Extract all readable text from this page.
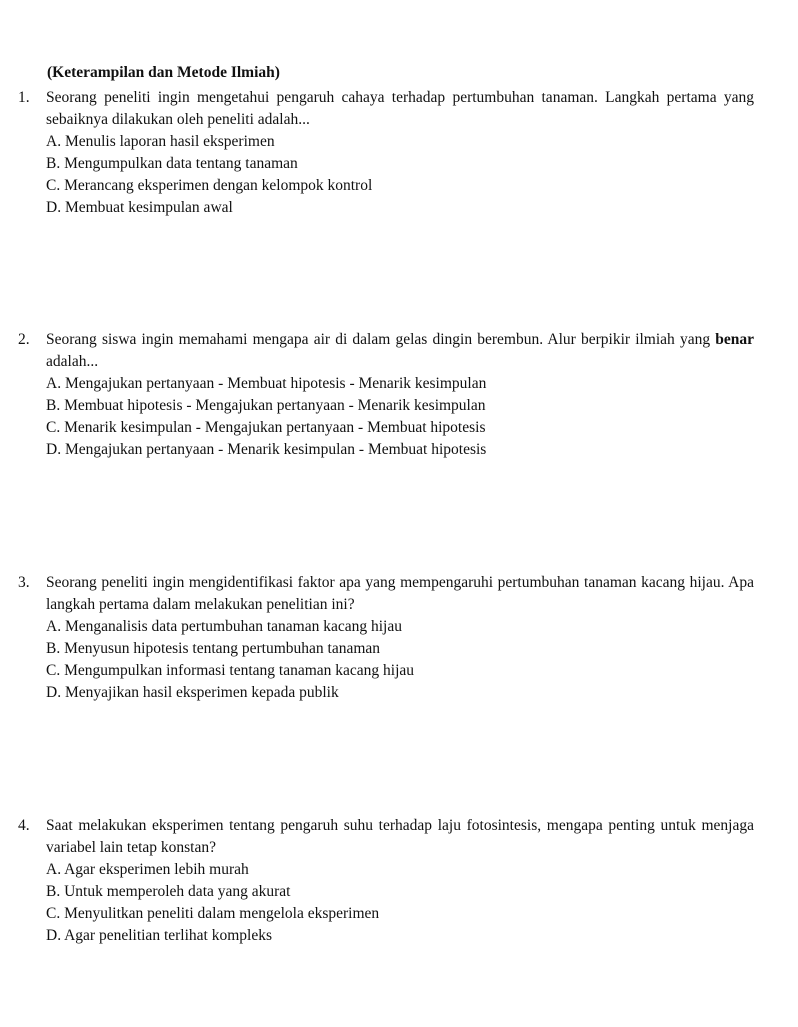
(Keterampilan dan Metode Ilmiah)
1.	Seorang peneliti ingin mengetahui pengaruh cahaya terhadap pertumbuhan tanaman. Langkah pertama yang sebaiknya dilakukan oleh peneliti adalah...
A. Menulis laporan hasil eksperimen
B. Mengumpulkan data tentang tanaman
C. Merancang eksperimen dengan kelompok kontrol
D. Membuat kesimpulan awal
2.	Seorang siswa ingin memahami mengapa air di dalam gelas dingin berembun. Alur berpikir ilmiah yang benar adalah...
A. Mengajukan pertanyaan - Membuat hipotesis - Menarik kesimpulan
B. Membuat hipotesis - Mengajukan pertanyaan - Menarik kesimpulan
C. Menarik kesimpulan - Mengajukan pertanyaan - Membuat hipotesis
D. Mengajukan pertanyaan - Menarik kesimpulan - Membuat hipotesis
3.	Seorang peneliti ingin mengidentifikasi faktor apa yang mempengaruhi pertumbuhan tanaman kacang hijau. Apa langkah pertama dalam melakukan penelitian ini?
A. Menganalisis data pertumbuhan tanaman kacang hijau
B. Menyusun hipotesis tentang pertumbuhan tanaman
C. Mengumpulkan informasi tentang tanaman kacang hijau
D. Menyajikan hasil eksperimen kepada publik
4.	Saat melakukan eksperimen tentang pengaruh suhu terhadap laju fotosintesis, mengapa penting untuk menjaga variabel lain tetap konstan?
A. Agar eksperimen lebih murah
B. Untuk memperoleh data yang akurat
C. Menyulitkan peneliti dalam mengelola eksperimen
D. Agar penelitian terlihat kompleks
